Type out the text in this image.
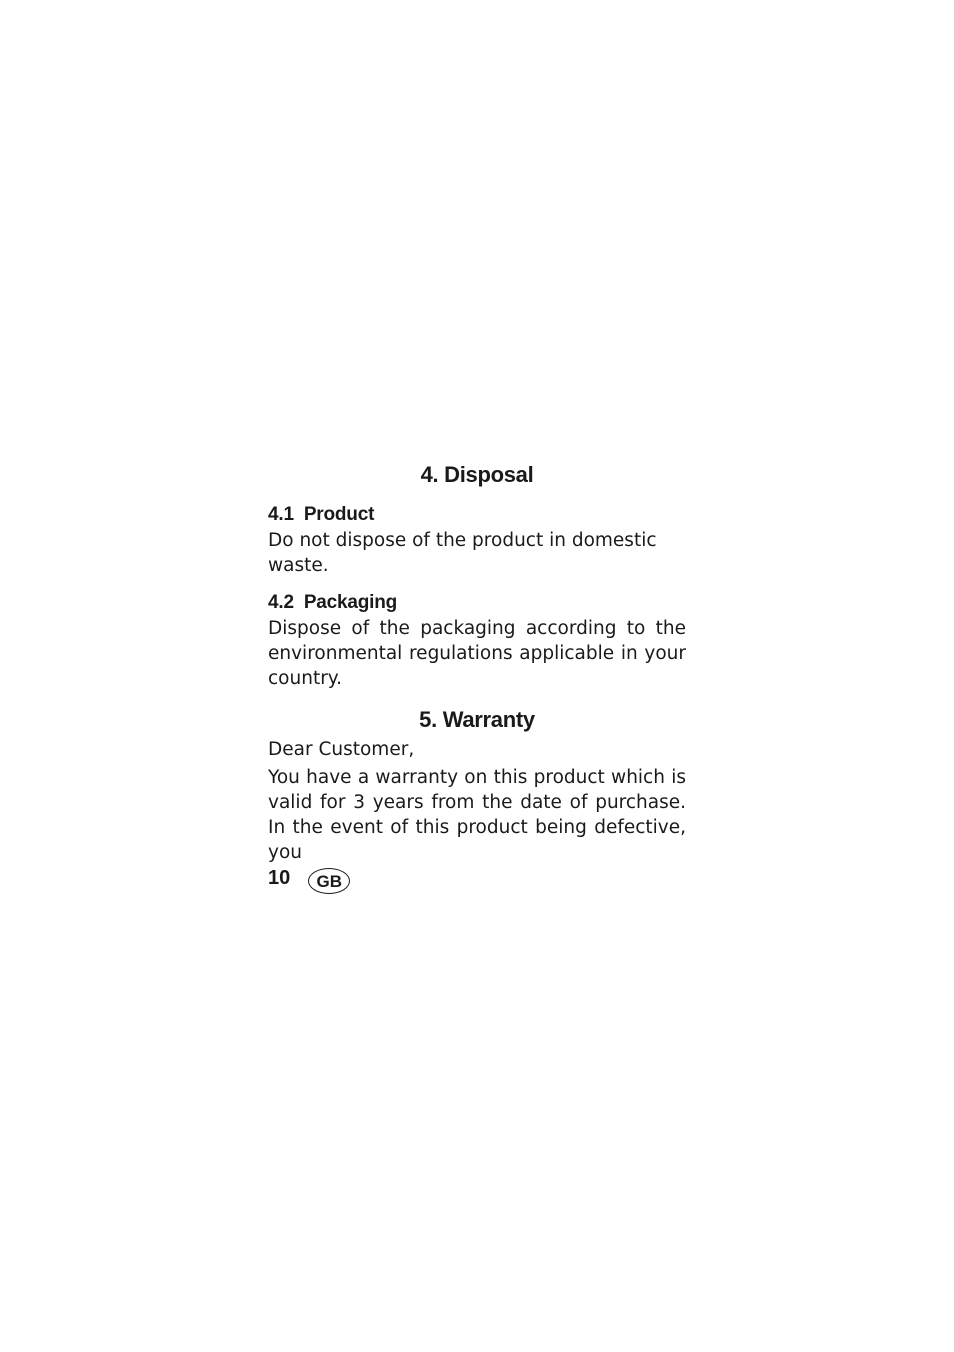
4. Disposal
4.1 Product

Do not dispose of the product in domestic waste.

4.2 Packaging

Dispose of the packaging according to the environmental regulations applicable in your country.

5. Warranty

Dear Customer,

You have a warranty on this product which is valid for 3 years from the date of purchase. In the event of this product being defective, you

10	GB
